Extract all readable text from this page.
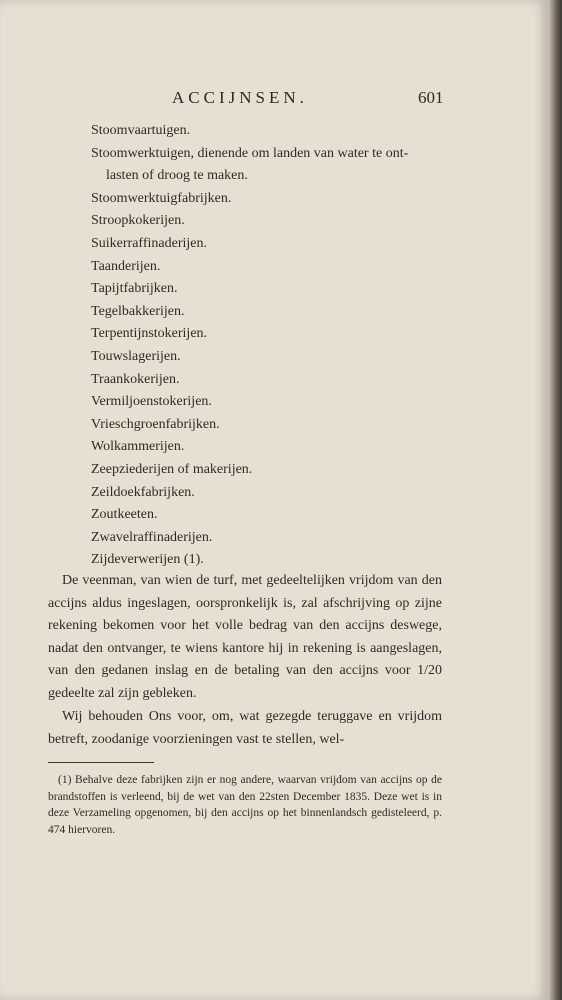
ACCIJNSEN.	601
Stoomvaartuigen.
Stoomwerktuigen, dienende om landen van water te ont-
lasten of droog te maken.
Stoomwerktuigfabrijken.
Stroopkokerijen.
Suikerraffinaderijen.
Taanderijen.
Tapijtfabrijken.
Tegelbakkerijen.
Terpentijnstokerijen.
Touwslagerijen.
Traankokerijen.
Vermiljoenstokerijen.
Vrieschgroenfabrijken.
Wolkammerijen.
Zeepziederijen of makerijen.
Zeildoekfabrijken.
Zoutkeeten.
Zwavelraffinaderijen.
Zijdeverwerijen (1).

De veenman, van wien de turf, met gedeeltelijken vrijdom van den accijns aldus ingeslagen, oorspronkelijk is, zal afschrijving op zijne rekening bekomen voor het volle bedrag van den accijns deswege, nadat den ontvanger, te wiens kantore hij in rekening is aangeslagen, van den gedanen inslag en de betaling van den accijns voor 1/20 gedeelte zal zijn gebleken.

Wij behouden Ons voor, om, wat gezegde teruggave en vrijdom betreft, zoodanige voorzieningen vast te stellen, wel-

(1) Behalve deze fabrijken zijn er nog andere, waarvan vrijdom van accijns op de brandstoffen is verleend, bij de wet van den 22sten December 1835. Deze wet is in deze Verzameling opgenomen, bij den accijns op het binnenlandsch gedisteleerd, p. 474 hiervoren.
